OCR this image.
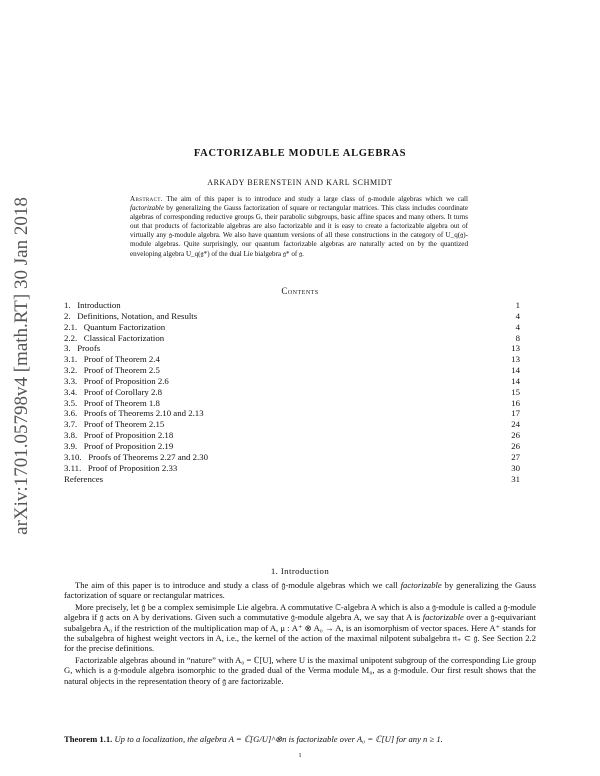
arXiv:1701.05798v4 [math.RT] 30 Jan 2018
FACTORIZABLE MODULE ALGEBRAS
ARKADY BERENSTEIN AND KARL SCHMIDT
Abstract. The aim of this paper is to introduce and study a large class of 𝔤-module algebras which we call factorizable by generalizing the Gauss factorization of square or rectangular matrices. This class includes coordinate algebras of corresponding reductive groups G, their parabolic subgroups, basic affine spaces and many others. It turns out that products of factorizable algebras are also factorizable and it is easy to create a factorizable algebra out of virtually any 𝔤-module algebra. We also have quantum versions of all these constructions in the category of U_q(𝔤)-module algebras. Quite surprisingly, our quantum factorizable algebras are naturally acted on by the quantized enveloping algebra U_q(𝔤*) of the dual Lie bialgebra 𝔤* of 𝔤.
Contents
1.   Introduction	1
2.   Definitions, Notation, and Results	4
2.1.   Quantum Factorization	4
2.2.   Classical Factorization	8
3.   Proofs	13
3.1.   Proof of Theorem 2.4	13
3.2.   Proof of Theorem 2.5	14
3.3.   Proof of Proposition 2.6	14
3.4.   Proof of Corollary 2.8	15
3.5.   Proof of Theorem 1.8	16
3.6.   Proofs of Theorems 2.10 and 2.13	17
3.7.   Proof of Theorem 2.15	24
3.8.   Proof of Proposition 2.18	26
3.9.   Proof of Proposition 2.19	26
3.10.   Proofs of Theorems 2.27 and 2.30	27
3.11.   Proof of Proposition 2.33	30
References	31
1. Introduction

The aim of this paper is to introduce and study a class of 𝔤-module algebras which we call factorizable by generalizing the Gauss factorization of square or rectangular matrices.

More precisely, let 𝔤 be a complex semisimple Lie algebra. A commutative ℂ-algebra A which is also a 𝔤-module is called a 𝔤-module algebra if 𝔤 acts on A by derivations. Given such a commutative 𝔤-module algebra A, we say that A is factorizable over a 𝔤-equivariant subalgebra A₀ if the restriction of the multiplication map of A, μ : A⁺ ⊗ A₀ → A, is an isomorphism of vector spaces. Here A⁺ stands for the subalgebra of highest weight vectors in A, i.e., the kernel of the action of the maximal nilpotent subalgebra 𝔫₊ ⊂ 𝔤. See Section 2.2 for the precise definitions.

Factorizable algebras abound in “nature” with A₀ = ℂ[U], where U is the maximal unipotent subgroup of the corresponding Lie group G, which is a 𝔤-module algebra isomorphic to the graded dual of the Verma module M₀, as a 𝔤-module. Our first result shows that the natural objects in the representation theory of 𝔤 are factorizable.

Theorem 1.1. Up to a localization, the algebra A = ℂ[G/U]^⊗n is factorizable over A₀ = ℂ[U] for any n ≥ 1.
1
